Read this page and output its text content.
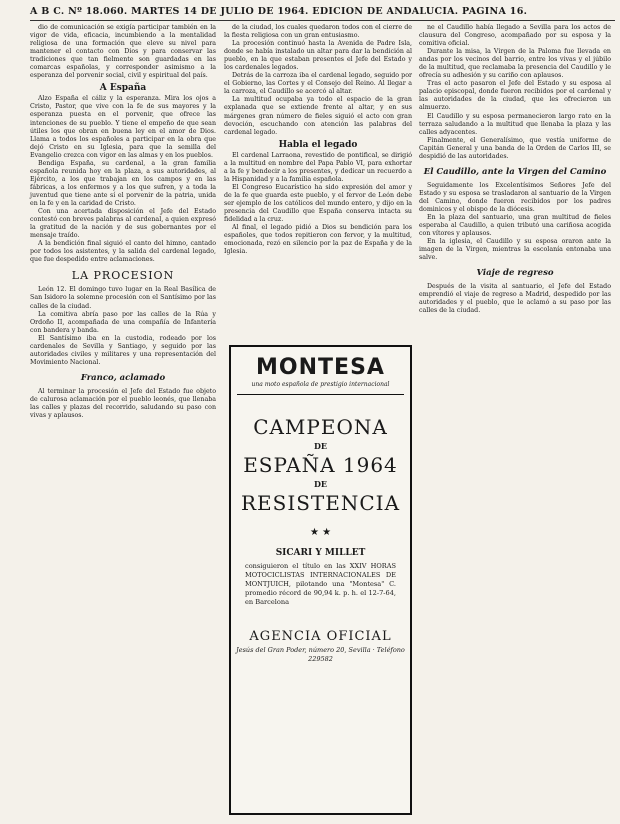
A B C. Nº 18.060. MARTES 14 DE JULIO DE 1964. EDICION DE ANDALUCIA. PAGINA 16.

dio de comunicación se exigía participar también en la vigor de vida, eficacia, incumbiendo a la mentalidad religiosa de una formación que eleve su nivel para mantener el contacto con Dios y para conservar las tradiciones que tan fielmente son guardadas en las comarcas españolas, y corresponder asimismo a la esperanza del porvenir social, civil y espiritual del país.

A España

Alzo España el cáliz y la esperanza. Mira los ojos a Cristo, Pastor, que vive con la fe de sus mayores y la esperanza puesta en el porvenir, que ofrece las intenciones de su pueblo. Y tiene el empeño de que sean útiles los que obran en buena ley en el amor de Dios. Llama a todos los españoles a participar en la obra que dejó Cristo en su Iglesia, para que la semilla del Evangelio crezca con vigor en las almas y en los pueblos.

Bendiga España, su cardenal, a la gran familia española reunida hoy en la plaza, a sus autoridades, al Ejército, a los que trabajan en los campos y en las fábricas, a los enfermos y a los que sufren, y a toda la juventud que tiene ante sí el porvenir de la patria, unida en la fe y en la caridad de Cristo.

Con una acertada disposición el Jefe del Estado contestó con breves palabras al cardenal, a quien expresó la gratitud de la nación y de sus gobernantes por el mensaje traído.

A la bendición final siguió el canto del himno, cantado por todos los asistentes, y la salida del cardenal legado, que fue despedido entre aclamaciones.

LA PROCESION

León 12. El domingo tuvo lugar en la Real Basílica de San Isidoro la solemne procesión con el Santísimo por las calles de la ciudad.

La comitiva abría paso por las calles de la Rúa y Ordoño II, acompañada de una compañía de Infantería con bandera y banda.

El Santísimo iba en la custodia, rodeado por los cardenales de Sevilla y Santiago, y seguido por las autoridades civiles y militares y una representación del Movimiento Nacional.

Franco, aclamado

Al terminar la procesión el Jefe del Estado fue objeto de calurosa aclamación por el pueblo leonés, que llenaba las calles y plazas del recorrido, saludando su paso con vivas y aplausos.

de la ciudad, los cuales quedaron todos con el cierre de la fiesta religiosa con un gran entusiasmo.

La procesión continuó hasta la Avenida de Padre Isla, donde se había instalado un altar para dar la bendición al pueblo, en la que estaban presentes el Jefe del Estado y los cardenales legados.

Detrás de la carroza iba el cardenal legado, seguido por el Gobierno, las Cortes y el Consejo del Reino. Al llegar a la carroza, el Caudillo se acercó al altar.

La multitud ocupaba ya todo el espacio de la gran explanada que se extiende frente al altar, y en sus márgenes gran número de fieles siguió el acto con gran devoción, escuchando con atención las palabras del cardenal legado.

Habla el legado

El cardenal Larraona, revestido de pontifical, se dirigió a la multitud en nombre del Papa Pablo VI, para exhortar a la fe y bendecir a los presentes, y dedicar un recuerdo a la Hispanidad y a la familia española.

El Congreso Eucarístico ha sido expresión del amor y de la fe que guarda este pueblo, y el fervor de León debe ser ejemplo de los católicos del mundo entero, y dijo en la presencia del Caudillo que España conserva intacta su fidelidad a la cruz.

Al final, el legado pidió a Dios su bendición para los españoles, que todos repitieron con fervor, y la multitud, emocionada, rezó en silencio por la paz de España y de la Iglesia.

MONTESA
una moto española de prestigio internacional
CAMPEONA
DE
ESPAÑA 1964
DE
RESISTENCIA
★ ★
SICARI Y MILLET
consiguieron el título en las XXIV HORAS MOTOCICLISTAS INTERNACIONALES DE MONTJUICH, pilotando una "Montesa" C. promedio récord de 90,94 k. p. h. el 12-7-64, en Barcelona
AGENCIA OFICIAL
Jesús del Gran Poder, número 20, Sevilla · Teléfono 229582

ne el Caudillo había llegado a Sevilla para los actos de clausura del Congreso, acompañado por su esposa y la comitiva oficial.

Durante la misa, la Virgen de la Paloma fue llevada en andas por los vecinos del barrio, entre los vivas y el júbilo de la multitud, que reclamaba la presencia del Caudillo y le ofrecía su adhesión y su cariño con aplausos.

Tras el acto pasaron el Jefe del Estado y su esposa al palacio episcopal, donde fueron recibidos por el cardenal y las autoridades de la ciudad, que les ofrecieron un almuerzo.

El Caudillo y su esposa permanecieron largo rato en la terraza saludando a la multitud que llenaba la plaza y las calles adyacentes.

Finalmente, el Generalísimo, que vestía uniforme de Capitán General y una banda de la Orden de Carlos III, se despidió de las autoridades.

El Caudillo, ante la Virgen del Camino

Seguidamente los Excelentísimos Señores Jefe del Estado y su esposa se trasladaron al santuario de la Virgen del Camino, donde fueron recibidos por los padres dominicos y el obispo de la diócesis.

En la plaza del santuario, una gran multitud de fieles esperaba al Caudillo, a quien tributó una cariñosa acogida con vítores y aplausos.

En la iglesia, el Caudillo y su esposa oraron ante la imagen de la Virgen, mientras la escolanía entonaba una salve.

Viaje de regreso

Después de la visita al santuario, el Jefe del Estado emprendió el viaje de regreso a Madrid, despedido por las autoridades y el pueblo, que le aclamó a su paso por las calles de la ciudad.
